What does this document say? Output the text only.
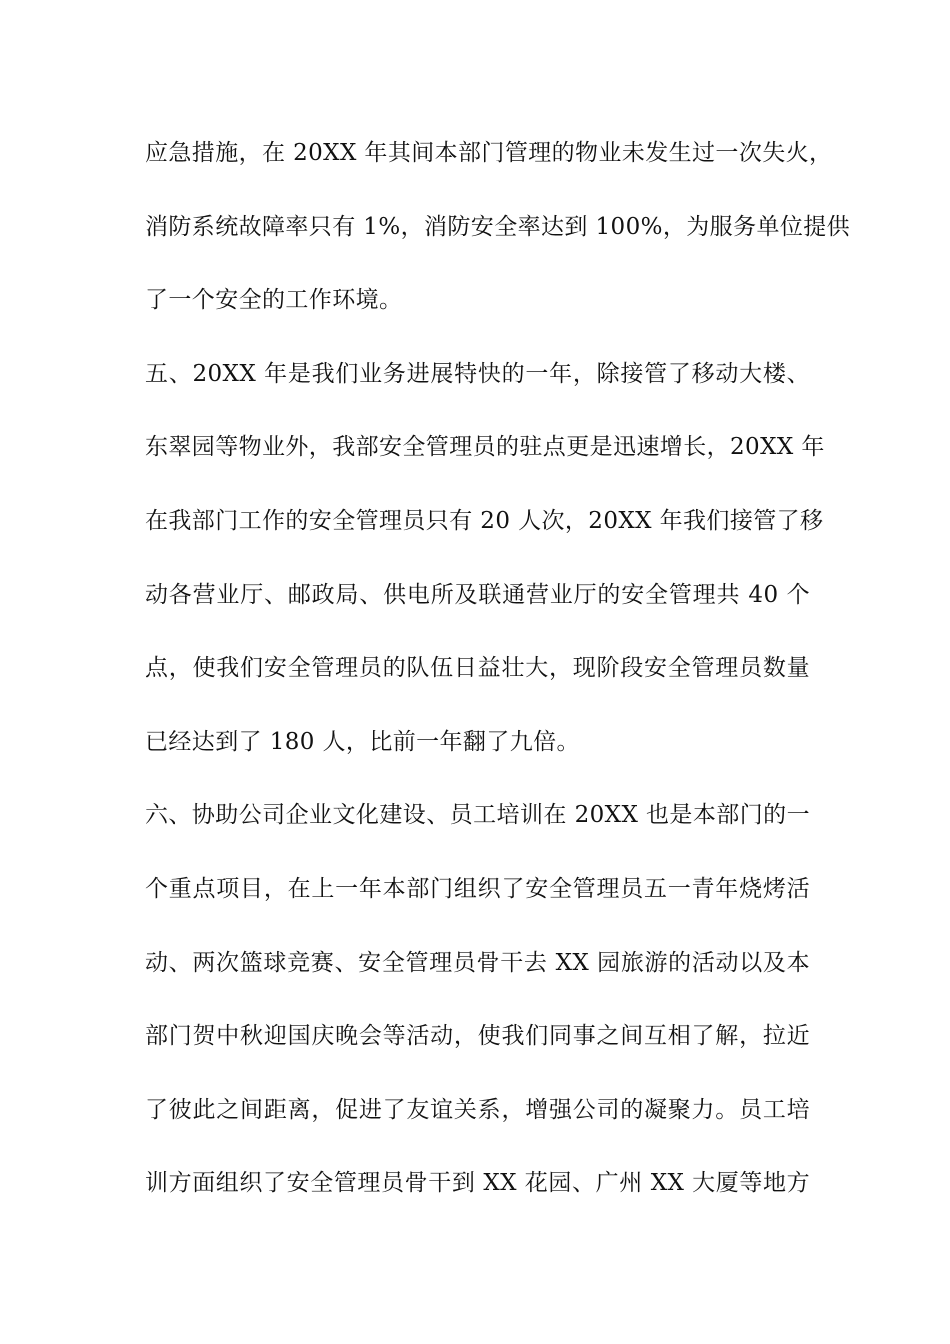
应急措施，在 20XX 年其间本部门管理的物业未发生过一次失火，
消防系统故障率只有 1%，消防安全率达到 100%，为服务单位提供
了一个安全的工作环境。
五、20XX 年是我们业务进展特快的一年，除接管了移动大楼、
东翠园等物业外，我部安全管理员的驻点更是迅速增长，20XX 年
在我部门工作的安全管理员只有 20 人次，20XX 年我们接管了移
动各营业厅、邮政局、供电所及联通营业厅的安全管理共 40 个
点，使我们安全管理员的队伍日益壮大，现阶段安全管理员数量
已经达到了 180 人，比前一年翻了九倍。
六、协助公司企业文化建设、员工培训在 20XX 也是本部门的一
个重点项目，在上一年本部门组织了安全管理员五一青年烧烤活
动、两次篮球竞赛、安全管理员骨干去 XX 园旅游的活动以及本
部门贺中秋迎国庆晚会等活动，使我们同事之间互相了解，拉近
了彼此之间距离，促进了友谊关系，增强公司的凝聚力。员工培
训方面组织了安全管理员骨干到 XX 花园、广州 XX 大厦等地方
